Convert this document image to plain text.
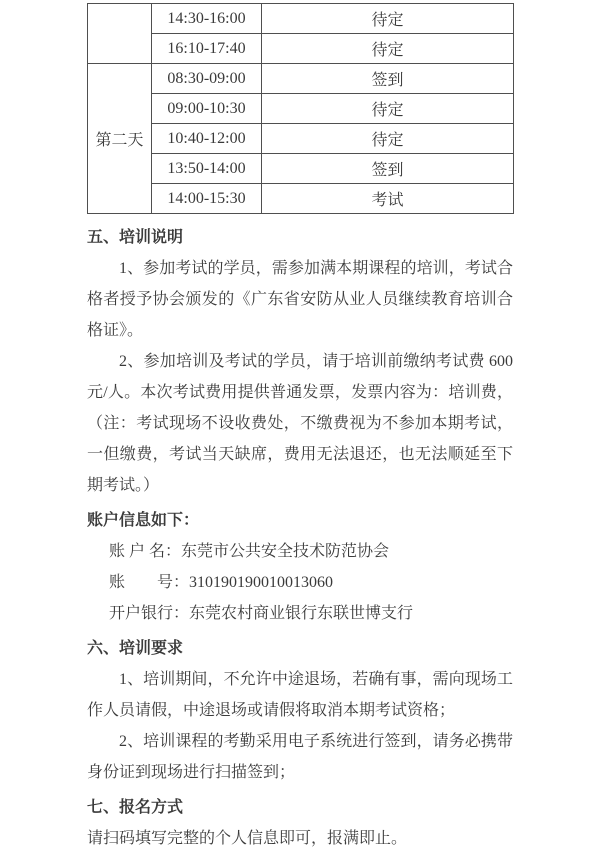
	14:30-16:00	待定
	16:10-17:40	待定
第二天	08:30-09:00	签到
	09:00-10:30	待定
	10:40-12:00	待定
	13:50-14:00	签到
	14:00-15:30	考试
五、培训说明

1、参加考试的学员，需参加满本期课程的培训，考试合格者授予协会颁发的《广东省安防从业人员继续教育培训合格证》。

2、参加培训及考试的学员，请于培训前缴纳考试费 600 元/人。本次考试费用提供普通发票，发票内容为：培训费，（注：考试现场不设收费处，不缴费视为不参加本期考试，一但缴费，考试当天缺席，费用无法退还，也无法顺延至下期考试。）

账户信息如下：

账 户 名：东莞市公共安全技术防范协会

账　　号：310190190010013060

开户银行：东莞农村商业银行东联世博支行

六、培训要求

1、培训期间，不允许中途退场，若确有事，需向现场工作人员请假，中途退场或请假将取消本期考试资格；

2、培训课程的考勤采用电子系统进行签到，请务必携带身份证到现场进行扫描签到；

七、报名方式

请扫码填写完整的个人信息即可，报满即止。
